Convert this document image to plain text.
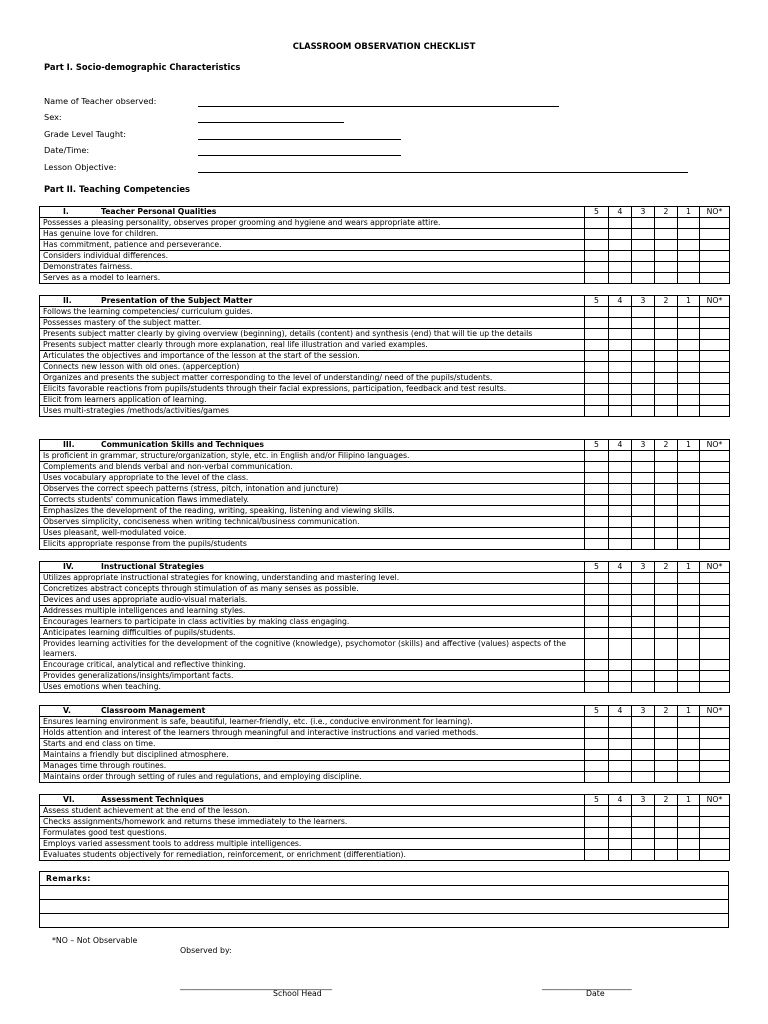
CLASSROOM OBSERVATION CHECKLIST
Part I. Socio-demographic Characteristics
Name of Teacher observed:
Sex:
Grade Level Taught:
Date/Time:
Lesson Objective:
Part II. Teaching Competencies
I. Teacher Personal Qualities	5	4	3	2	1	NO*
Possesses a pleasing personality, observes proper grooming and hygiene and wears appropriate attire.						
Has genuine love for children.						
Has commitment, patience and perseverance.						
Considers individual differences.						
Demonstrates fairness.						
Serves as a model to learners.						
II. Presentation of the Subject Matter	5	4	3	2	1	NO*
Follows the learning competencies/ curriculum guides.						
Possesses mastery of the subject matter.						
Presents subject matter clearly by giving overview (beginning), details (content) and synthesis (end) that will tie up the details						
Presents subject matter clearly through more explanation, real life illustration and varied examples.						
Articulates the objectives and importance of the lesson at the start of the session.						
Connects new lesson with old ones. (apperception)						
Organizes and presents the subject matter corresponding to the level of understanding/ need of the pupils/students.						
Elicits favorable reactions from pupils/students through their facial expressions, participation, feedback and test results.						
Elicit from learners application of learning.						
Uses multi-strategies /methods/activities/games						
III. Communication Skills and Techniques	5	4	3	2	1	NO*
Is proficient in grammar, structure/organization, style, etc. in English and/or Filipino languages.						
Complements and blends verbal and non-verbal communication.						
Uses vocabulary appropriate to the level of the class.						
Observes the correct speech patterns (stress, pitch, intonation and juncture)						
Corrects students' communication flaws immediately.						
Emphasizes the development of the reading, writing, speaking, listening and viewing skills.						
Observes simplicity, conciseness when writing technical/business communication.						
Uses pleasant, well-modulated voice.						
Elicits appropriate response from the pupils/students						
IV. Instructional Strategies	5	4	3	2	1	NO*
Utilizes appropriate instructional strategies for knowing, understanding and mastering level.						
Concretizes abstract concepts through stimulation of as many senses as possible.						
Devices and uses appropriate audio-visual materials.						
Addresses multiple intelligences and learning styles.						
Encourages learners to participate in class activities by making class engaging.						
Anticipates learning difficulties of pupils/students.						
Provides learning activities for the development of the cognitive (knowledge), psychomotor (skills) and affective (values) aspects of the learners.						
Encourage critical, analytical and reflective thinking.						
Provides generalizations/insights/important facts.						
Uses emotions when teaching.						
V. Classroom Management	5	4	3	2	1	NO*
Ensures learning environment is safe, beautiful, learner-friendly, etc. (i.e., conducive environment for learning).						
Holds attention and interest of the learners through meaningful and interactive instructions and varied methods.						
Starts and end class on time.						
Maintains a friendly but disciplined atmosphere.						
Manages time through routines.						
Maintains order through setting of rules and regulations, and employing discipline.						
VI. Assessment Techniques	5	4	3	2	1	NO*
Assess student achievement at the end of the lesson.						
Checks assignments/homework and returns these immediately to the learners.						
Formulates good test questions.						
Employs varied assessment tools to address multiple intelligences.						
Evaluates students objectively for remediation, reinforcement, or enrichment (differentiation).						
Remarks:

*NO – Not Observable
Observed by:
_______________________________________
School Head
_______________________
Date
